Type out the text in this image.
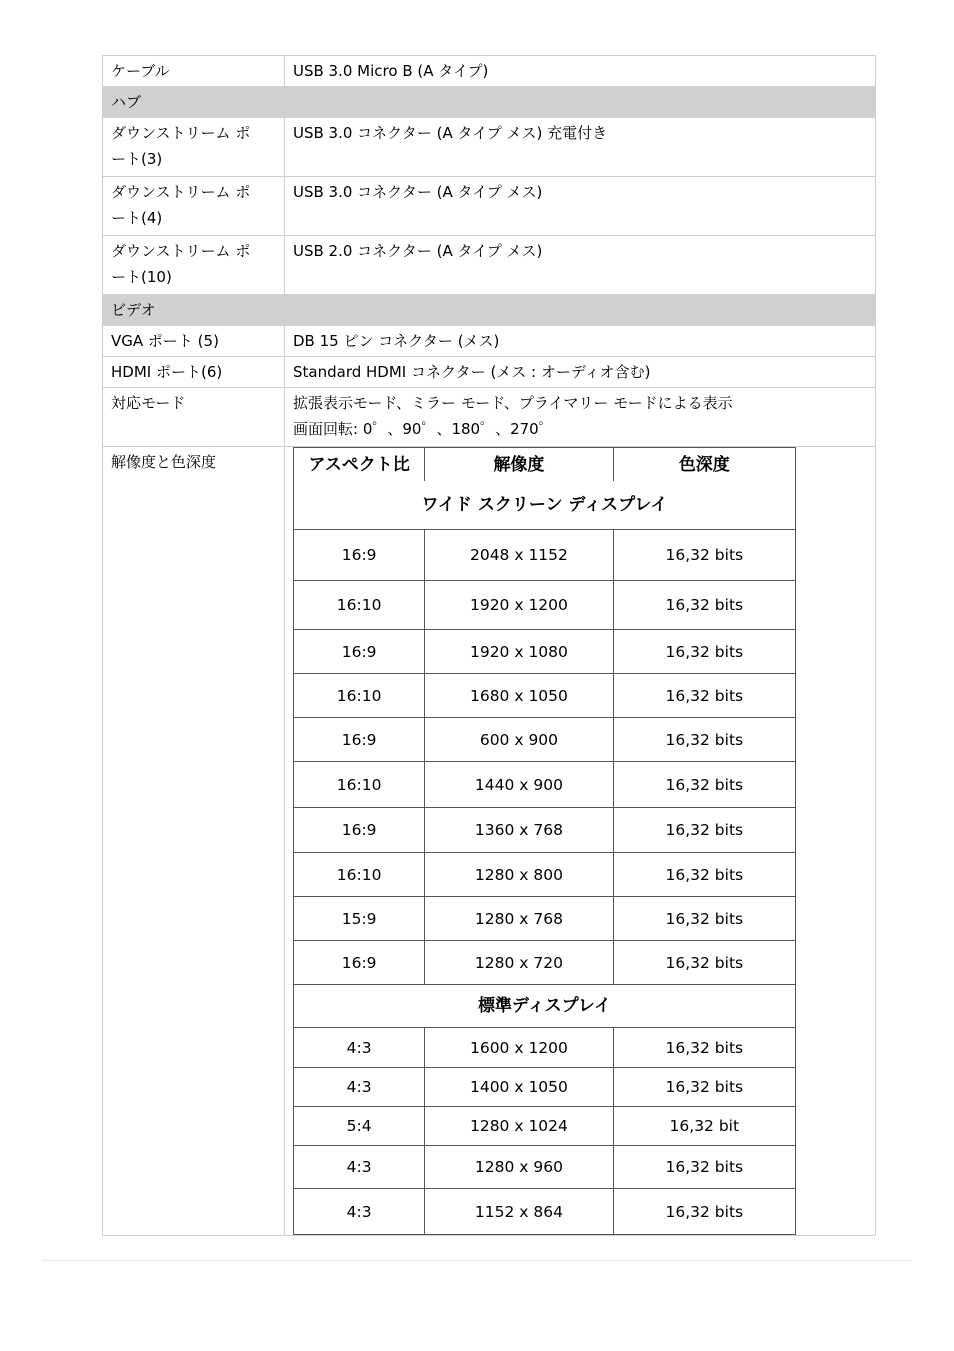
ケーブル	USB 3.0 Micro B (A タイプ)
ハブ
ダウンストリーム ポ
ート(3)	USB 3.0 コネクター (A タイプ メス) 充電付き
ダウンストリーム ポ
ート(4)	USB 3.0 コネクター (A タイプ メス)
ダウンストリーム ポ
ート(10)	USB 2.0 コネクター (A タイプ メス)
ビデオ
VGA ポート (5)	DB 15 ピン コネクター (メス)
HDMI ポート(6)	Standard HDMI コネクター (メス : オーディオ含む)
対応モード	拡張表示モード、ミラー モード、プライマリー モードによる表示
画面回転: 0゜、90゜、180゜、270゜
解像度と色深度		アスペクト比	解像度	色深度
ワイド スクリーン ディスプレイ
16:9	2048 x 1152	16,32 bits
16:10	1920 x 1200	16,32 bits
16:9	1920 x 1080	16,32 bits
16:10	1680 x 1050	16,32 bits
16:9	600 x 900	16,32 bits
16:10	1440 x 900	16,32 bits
16:9	1360 x 768	16,32 bits
16:10	1280 x 800	16,32 bits
15:9	1280 x 768	16,32 bits
16:9	1280 x 720	16,32 bits
標準ディスプレイ
4:3	1600 x 1200	16,32 bits
4:3	1400 x 1050	16,32 bits
5:4	1280 x 1024	16,32 bit
4:3	1280 x 960	16,32 bits
4:3	1152 x 864	16,32 bits
